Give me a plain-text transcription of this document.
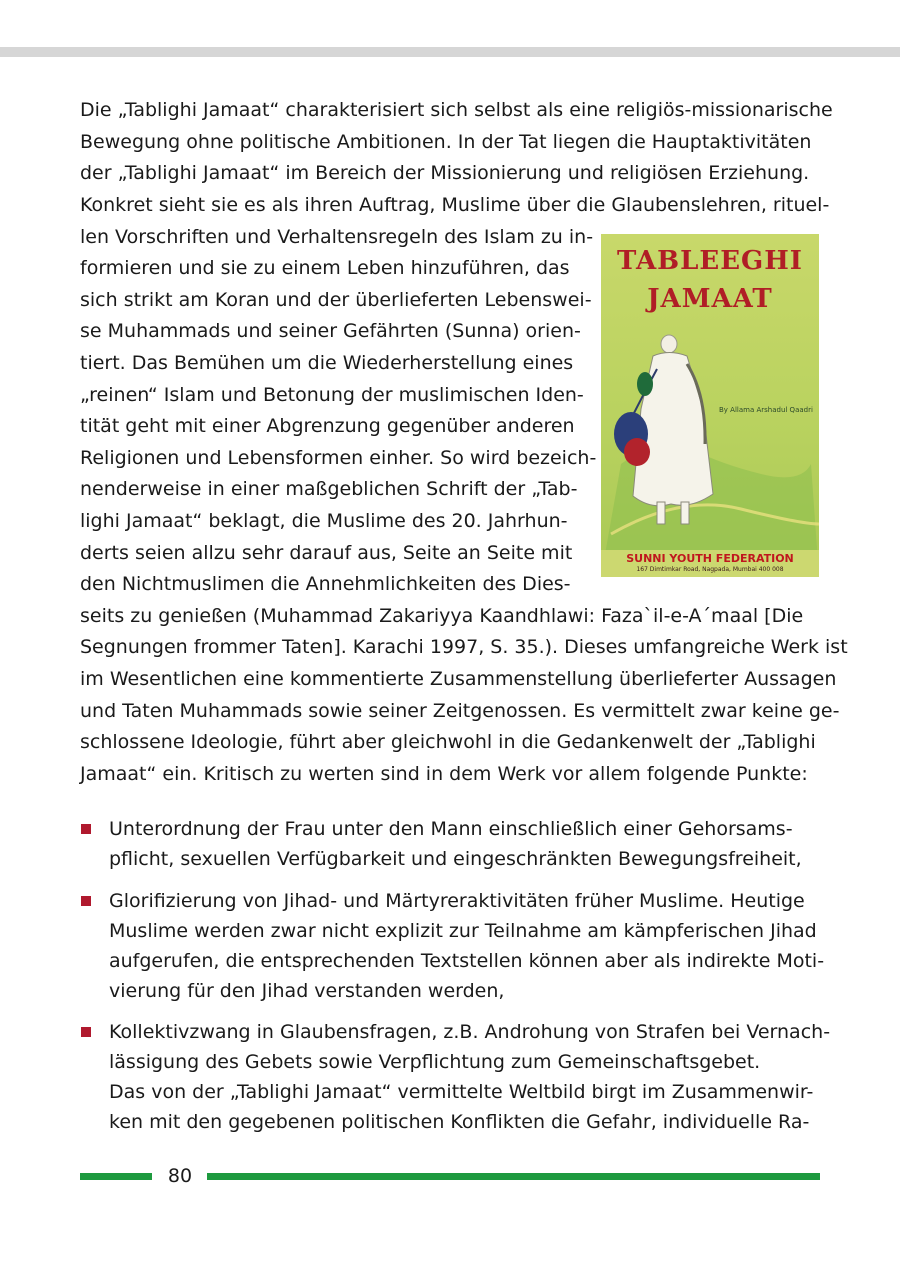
Die „Tablighi Jamaat“ charakterisiert sich selbst als eine religiös-missionarische
Bewegung ohne politische Ambitionen. In der Tat liegen die Hauptaktivitäten
der „Tablighi Jamaat“ im Bereich der Missionierung und religiösen Erziehung.
Konkret sieht sie es als ihren Auftrag, Muslime über die Glaubenslehren, rituel-
len Vorschriften und Verhaltensregeln des Islam zu in-
formieren und sie zu einem Leben hinzuführen, das
sich strikt am Koran und der überlieferten Lebenswei-
se Muhammads und seiner Gefährten (Sunna) orien-
tiert. Das Bemühen um die Wiederherstellung eines
„reinen“ Islam und Betonung der muslimischen Iden-
tität geht mit einer Abgrenzung gegenüber anderen
Religionen und Lebensformen einher. So wird bezeich-
nenderweise in einer maßgeblichen Schrift der „Tab-
lighi Jamaat“ beklagt, die Muslime des 20. Jahrhun-
derts seien allzu sehr darauf aus, Seite an Seite mit
den Nichtmuslimen die Annehmlichkeiten des Dies-
seits zu genießen (Muhammad Zakariyya Kaandhlawi: Faza`il-e-A´maal [Die
Segnungen frommer Taten]. Karachi 1997, S. 35.). Dieses umfangreiche Werk ist
im Wesentlichen eine kommentierte Zusammenstellung überlieferter Aussagen
und Taten Muhammads sowie seiner Zeitgenossen. Es vermittelt zwar keine ge-
schlossene Ideologie, führt aber gleichwohl in die Gedankenwelt der „Tablighi
Jamaat“ ein. Kritisch zu werten sind in dem Werk vor allem folgende Punkte:
TABLEEGHI
JAMAAT
By Allama Arshadul Qaadri
SUNNI YOUTH FEDERATION
167 Dimtimkar Road, Nagpada, Mumbai 400 008
Unterordnung der Frau unter den Mann einschließlich einer Gehorsams-
pflicht, sexuellen Verfügbarkeit und eingeschränkten Bewegungsfreiheit,
Glorifizierung von Jihad- und Märtyreraktivitäten früher Muslime. Heutige
Muslime werden zwar nicht explizit zur Teilnahme am kämpferischen Jihad
aufgerufen, die entsprechenden Textstellen können aber als indirekte Moti-
vierung für den Jihad verstanden werden,
Kollektivzwang in Glaubensfragen, z.B. Androhung von Strafen bei Vernach-
lässigung des Gebets sowie Verpflichtung zum Gemeinschaftsgebet.
Das von der „Tablighi Jamaat“ vermittelte Weltbild birgt im Zusammenwir-
ken mit den gegebenen politischen Konflikten die Gefahr, individuelle Ra-
80
